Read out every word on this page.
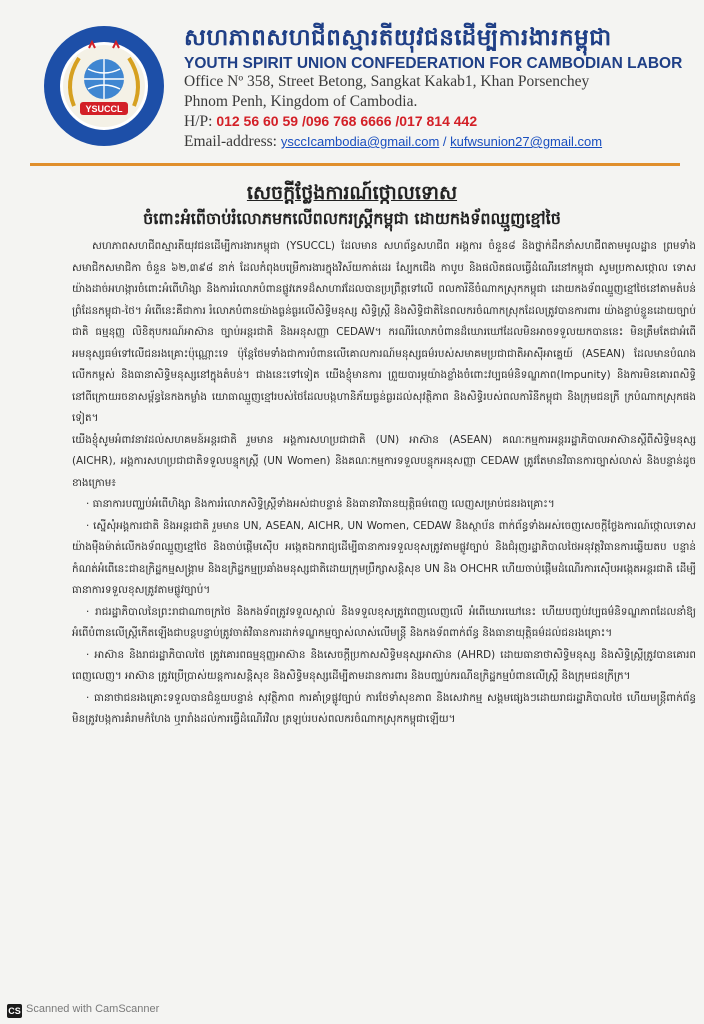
YSUCCL
សហភាពសហជីពស្មារតីយុវជនដើម្បីការងារកម្ពុជា
YOUTH SPIRIT UNION CONFEDERATION FOR CAMBODIAN LABOR
Office Nº 358, Street Betong, Sangkat Kakab1, Khan Porsenchey
Phnom Penh, Kingdom of Cambodia.
H/P: 012 56 60 59 /096 768 6666 /017 814 442
Email-address: ysccIcambodia@gmail.com / kufwsunion27@gmail.com
សេចក្តីថ្លែងការណ៍ថ្កោលទោស
ចំពោះអំពើចាប់រំលោភមកលើពលករស្រ្តីកម្ពុជា ដោយកងទ័ពឈ្មួញខ្មៅថៃ

សហភាពសហជីពស្មារតីយុវជនដើម្បីការងារកម្ពុជា (YSUCCL) ដែលមាន សហព័ន្ធសហជីព អង្គការ ចំនួន៨ និងថ្នាក់ដឹកនាំសហជីពតាមមូលដ្ឋាន ព្រមទាំងសមាជិកសមាជិកា ចំនួន ៦២,៣៩៨ នាក់ ដែលកំពុងបម្រើការងារក្នុងវិស័យកាត់ដេរ ស្បែកជើង កាបូប និងផលិតផលធ្វើដំណើរនៅកម្ពុជា សូមប្រកាសថ្កោល ទោសយ៉ាងដាច់អហង្ការចំពោះអំពើហិង្សា និងការរំលោភបំពានផ្លូវភេទដ៏សាហាវដែលបានប្រព្រឹត្តទៅលើ ពលការិនីចំណាកស្រុកកម្ពុជា ដោយកងទ័ពឈ្មួញខ្មៅថៃនៅតាមតំបន់ព្រំដែនកម្ពុជា-ថៃ។ អំពើនេះគឺជាការ រំលោភបំពានយ៉ាងធ្ងន់ធ្ងរលើសិទ្ធិមនុស្ស សិទ្ធិស្ត្រី និងសិទ្ធិជាតិនៃពលករចំណាកស្រុកដែលត្រូវបានការពារ យ៉ាងខ្ជាប់ខ្ជួនដោយច្បាប់ជាតិ ធម្មនុញ្ញ លិខិតុបករណ៍អាស៊ាន ច្បាប់អន្តរជាតិ និងអនុសញ្ញា CEDAW។ ករណីរំលោភបំពានដ៏ឃោរឃៅដែលមិនអាចទទួលយកបាននេះ មិនត្រឹមតែជាអំពើអមនុស្សធម៌ទៅលើជនរងគ្រោះប៉ុណ្ណោះទេ ប៉ុន្តែថែមទាំងជាការបំពានលើគោលការណ៍មនុស្សធម៌របស់សមាគមប្រជាជាតិអាស៊ីអាគ្នេយ៍ (ASEAN) ដែលមានបំណងលើកកម្ពស់ និងធានាសិទ្ធិមនុស្សនៅក្នុងតំបន់។ ជាងនេះទៅទៀត យើងខ្ញុំមានការ ព្រួយបារម្ភយ៉ាងខ្លាំងចំពោះវប្បធម៌និទណ្ឌភាព(Impunity) និងការមិនគោរពសិទ្ធិនៅពីក្រោយរចនាសម្ព័ន្ធនៃកងកម្លាំង យោធាឈ្មួញខ្មៅរបស់ថៃដែលបង្កហានិភ័យធ្ងន់ធ្ងរដល់សុវត្ថិភាព និងសិទ្ធិរបស់ពលការិនីកម្ពុជា និងក្រុមជនក្រី ក្របំណាកស្រុកផងទៀត។

យើងខ្ញុំសូមអំពាវនាវដល់សហគមន៍អន្តរជាតិ រួមមាន អង្គការសហប្រជាជាតិ (UN) អាស៊ាន (ASEAN) គណៈកម្មការអន្តររដ្ឋាភិបាលអាស៊ានស្តីពីសិទ្ធិមនុស្ស (AICHR), អង្គការសហប្រជាជាតិទទួលបន្ទុកស្ត្រី (UN Women) និងគណៈកម្មការទទួលបន្ទុកអនុសញ្ញា CEDAW ត្រូវតែមានវិធានការច្បាស់លាស់ និងបន្ទាន់ដូច ខាងក្រោម៖

· ធានាការបញ្ឈប់អំពើហិង្សា និងការរំលោភសិទ្ធិស្ត្រីទាំងអស់ជាបន្ទាន់ និងធានាវិធានយុត្តិធម៌ពេញ លេញសម្រាប់ជនរងគ្រោះ។

· ស្នើសុំអង្គការជាតិ និងអន្តរជាតិ រួមមាន UN, ASEAN, AICHR, UN Women, CEDAW និងស្ថាប័ន ពាក់ព័ន្ធទាំងអស់ចេញសេចក្តីថ្លែងការណ៍ថ្កោលទោសយ៉ាងម៉ឺងម៉ាត់លើកងទ័ពឈ្មួញខ្មៅថៃ និងចាប់ផ្តើមស៊ើប អង្កេតឯករាជ្យដើម្បីធានាការទទួលខុសត្រូវតាមផ្លូវច្បាប់ និងជំរុញរដ្ឋាភិបាលថៃអនុវត្តវិធានការឆ្លើយតប បន្ទាន់កំណត់អំពើនេះជាឧក្រិដ្ឋកម្មសង្គ្រាម និងឧក្រិដ្ឋកម្មប្រឆាំងមនុស្សជាតិដោយក្រុមប្រឹក្សាសន្តិសុខ UN និង OHCHR ហើយចាប់ផ្តើមដំណើរការស៊ើបអង្កេតអន្តរជាតិ ដើម្បីធានាការទទួលខុសត្រូវតាមផ្លូវច្បាប់។

· រាជរដ្ឋាភិបាលនៃព្រះរាជាណាចក្រថៃ និងកងទ័ពត្រូវទទួលស្គាល់ និងទទួលខុសត្រូវពេញលេញលើ អំពើឃោរឃៅនេះ ហើយបញ្ចប់វប្បធម៌និទណ្ឌភាពដែលនាំឱ្យអំពើបំពានលើស្ត្រីកើតឡើងជាបន្តបន្ទាប់ត្រូវចាត់វិធានការដាក់ទណ្ឌកម្មច្បាស់លាស់លើមន្ត្រី និងកងទ័ពពាក់ព័ន្ធ និងធានាយុត្តិធម៌ដល់ជនរងគ្រោះ។

· អាស៊ាន និងរាជរដ្ឋាភិបាលថៃ ត្រូវគោរពធម្មនុញ្ញអាស៊ាន និងសេចក្តីប្រកាសសិទ្ធិមនុស្សអាស៊ាន (AHRD) ដោយធានាថាសិទ្ធិមនុស្ស និងសិទ្ធិស្ត្រីត្រូវបានគោរពពេញលេញ។ អាស៊ាន ត្រូវប្រើប្រាស់យន្តការសន្តិសុខ និងសិទ្ធិមនុស្សដើម្បីតាមដានការពារ និងបញ្ឈប់ករណីឧក្រិដ្ឋកម្មបំពានលើស្ត្រី និងក្រុមជនក្រីក្រ។

· ធានាថាជនរងគ្រោះទទួលបានជំនួយបន្ទាន់ សុវត្ថិភាព ការគាំទ្រផ្លូវច្បាប់ ការថែទាំសុខភាព និងសេវាកម្ម សង្គមផ្សេងៗដោយរាជរដ្ឋាភិបាលថៃ ហើយមន្ត្រីពាក់ព័ន្ធមិនត្រូវបង្កការគំរាមកំហែង ឬរារាំងដល់ការធ្វើដំណើរវិល ត្រឡប់របស់ពលករចំណាកស្រុកកម្ពុជាឡើយ។

CS Scanned with CamScanner
